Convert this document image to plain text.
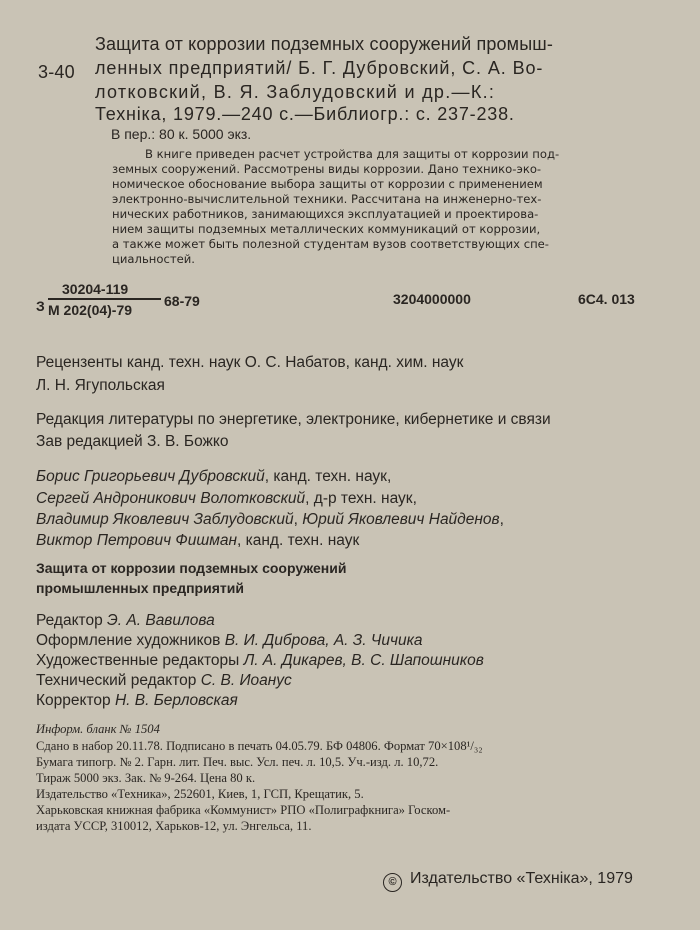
3-40
Защита от коррозии подземных сооружений промыш-
ленных предприятий/ Б. Г. Дубровский, С. А. Во-
лотковский, В. Я. Заблудовский и др.—К.:
Техніка, 1979.—240 с.—Библиогр.: с. 237-238.
В пер.: 80 к. 5000 экз.
В книге приведен расчет устройства для защиты от коррозии под-
земных сооружений. Рассмотрены виды коррозии. Дано технико-эко-
номическое обоснование выбора защиты от коррозии с применением
электронно-вычислительной техники. Рассчитана на инженерно-тех-
нических работников, занимающихся эксплуатацией и проектирова-
нием защиты подземных металлических коммуникаций от коррозии,
а также может быть полезной студентам вузов соответствующих спе-
циальностей.
З
30204-119
М 202(04)-79
68-79	3204000000	6С4. 013
Рецензенты канд. техн. наук О. С. Набатов, канд. хим. наук
Л. Н. Ягупольская
Редакция литературы по энергетике, электронике, кибернетике и связи
Зав редакцией З. В. Божко
Борис Григорьевич Дубровский, канд. техн. наук,
Сергей Андроникович Волотковский, д-р техн. наук,
Владимир Яковлевич Заблудовский, Юрий Яковлевич Найденов,
Виктор Петрович Фишман, канд. техн. наук
Защита от коррозии подземных сооружений
промышленных предприятий
Редактор Э. А. Вавилова
Оформление художников В. И. Диброва, А. З. Чичика
Художественные редакторы Л. А. Дикарев, В. С. Шапошников
Технический редактор С. В. Иоанус
Корректор Н. В. Берловская
Информ. бланк № 1504
Сдано в набор 20.11.78. Подписано в печать 04.05.79. БФ 04806. Формат 70×108¹/₃₂
Бумага типогр. № 2. Гарн. лит. Печ. выс. Усл. печ. л. 10,5. Уч.-изд. л. 10,72.
Тираж 5000 экз. Зак. № 9-264. Цена 80 к.
Издательство «Техника», 252601, Киев, 1, ГСП, Крещатик, 5.
Харьковская книжная фабрика «Коммунист» РПО «Полиграфкнига» Госком-
издата УССР, 310012, Харьков-12, ул. Энгельса, 11.
© Издательство «Техніка», 1979
